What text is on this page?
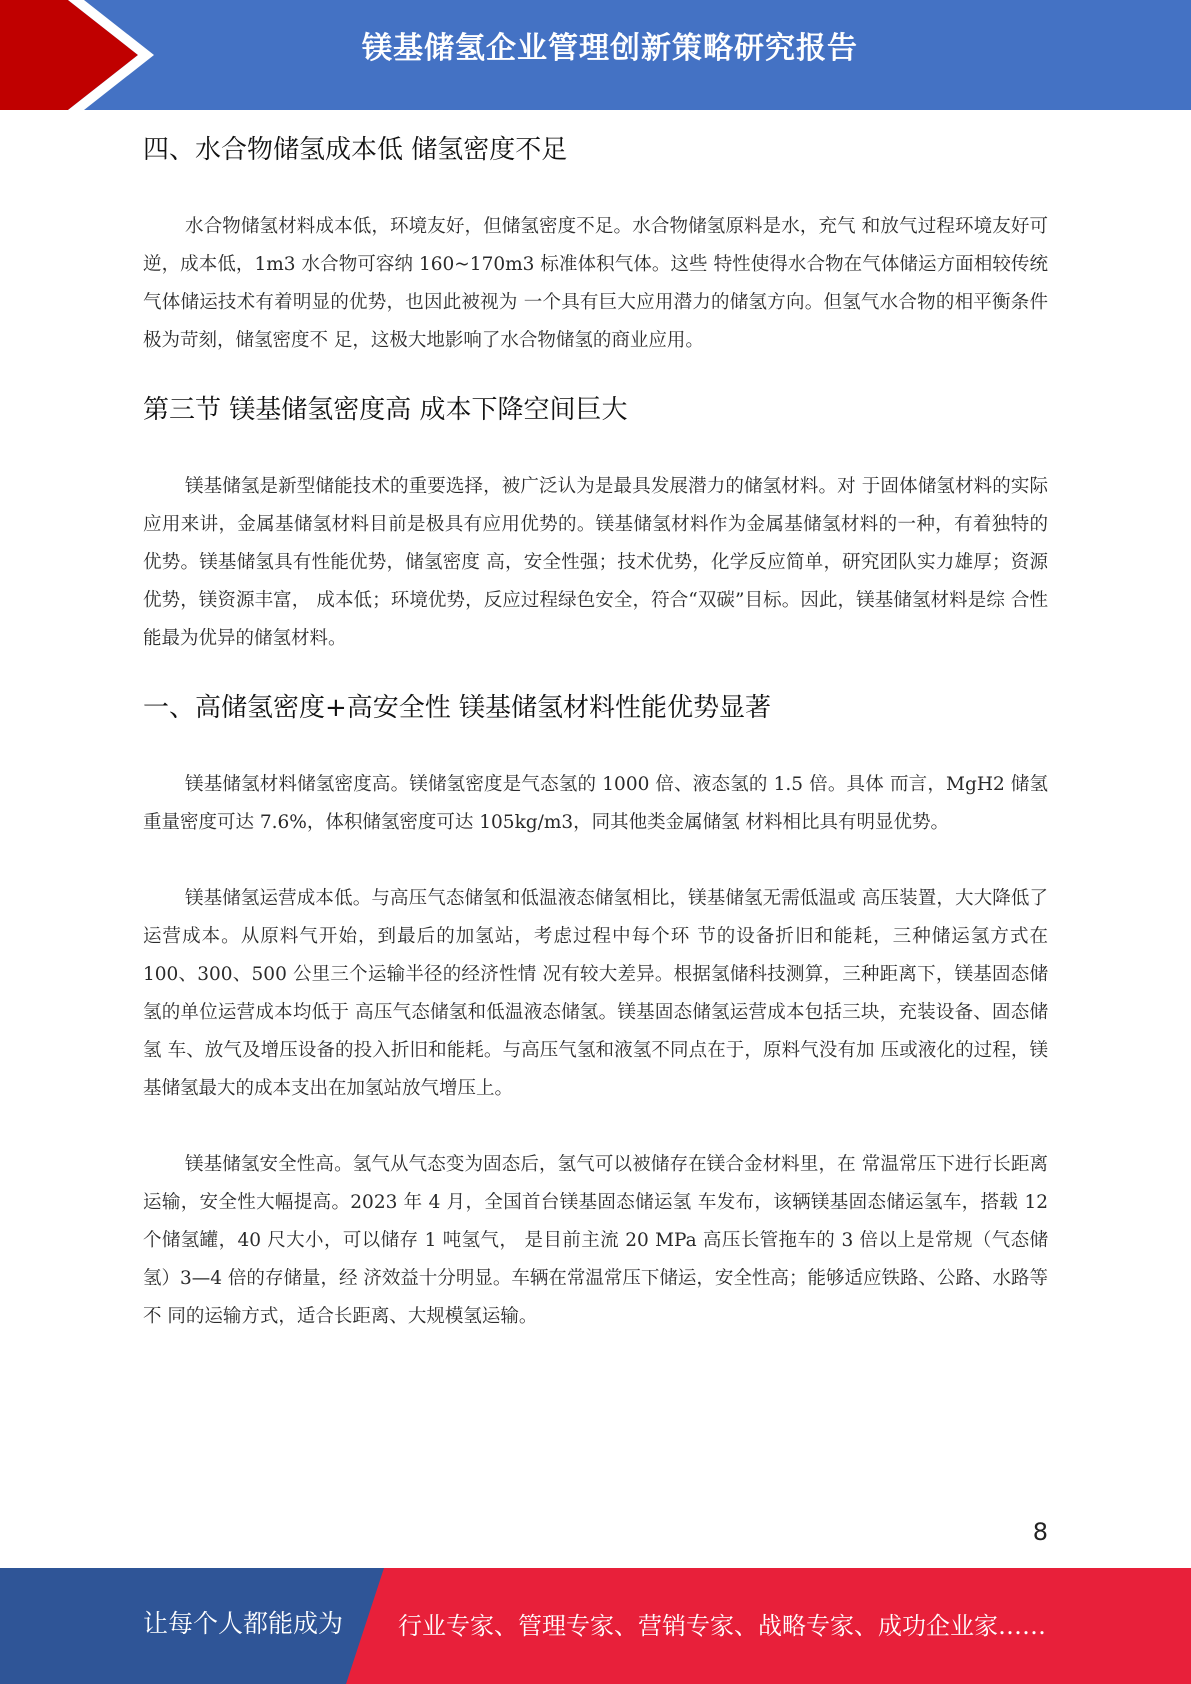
镁基储氢企业管理创新策略研究报告
四、水合物储氢成本低 储氢密度不足

水合物储氢材料成本低，环境友好，但储氢密度不足。水合物储氢原料是水，充气 和放气过程环境友好可逆，成本低，1m3 水合物可容纳 160~170m3 标准体积气体。这些 特性使得水合物在气体储运方面相较传统气体储运技术有着明显的优势，也因此被视为 一个具有巨大应用潜力的储氢方向。但氢气水合物的相平衡条件极为苛刻，储氢密度不 足，这极大地影响了水合物储氢的商业应用。

第三节 镁基储氢密度高 成本下降空间巨大

镁基储氢是新型储能技术的重要选择，被广泛认为是最具发展潜力的储氢材料。对 于固体储氢材料的实际应用来讲，金属基储氢材料目前是极具有应用优势的。镁基储氢材料作为金属基储氢材料的一种，有着独特的优势。镁基储氢具有性能优势，储氢密度 高，安全性强；技术优势，化学反应简单，研究团队实力雄厚；资源优势，镁资源丰富， 成本低；环境优势，反应过程绿色安全，符合“双碳”目标。因此，镁基储氢材料是综 合性能最为优异的储氢材料。

一、高储氢密度+高安全性 镁基储氢材料性能优势显著

镁基储氢材料储氢密度高。镁储氢密度是气态氢的 1000 倍、液态氢的 1.5 倍。具体 而言，MgH2 储氢重量密度可达 7.6%，体积储氢密度可达 105kg/m3，同其他类金属储氢 材料相比具有明显优势。

镁基储氢运营成本低。与高压气态储氢和低温液态储氢相比，镁基储氢无需低温或 高压装置，大大降低了运营成本。从原料气开始，到最后的加氢站，考虑过程中每个环 节的设备折旧和能耗，三种储运氢方式在 100、300、500 公里三个运输半径的经济性情 况有较大差异。根据氢储科技测算，三种距离下，镁基固态储氢的单位运营成本均低于 高压气态储氢和低温液态储氢。镁基固态储氢运营成本包括三块，充装设备、固态储氢 车、放气及增压设备的投入折旧和能耗。与高压气氢和液氢不同点在于，原料气没有加 压或液化的过程，镁基储氢最大的成本支出在加氢站放气增压上。

镁基储氢安全性高。氢气从气态变为固态后，氢气可以被储存在镁合金材料里，在 常温常压下进行长距离运输，安全性大幅提高。2023 年 4 月，全国首台镁基固态储运氢 车发布，该辆镁基固态储运氢车，搭载 12 个储氢罐，40 尺大小，可以储存 1 吨氢气， 是目前主流 20 MPa 高压长管拖车的 3 倍以上是常规（气态储氢）3—4 倍的存储量，经 济效益十分明显。车辆在常温常压下储运，安全性高；能够适应铁路、公路、水路等不 同的运输方式，适合长距离、大规模氢运输。

8
让每个人都能成为 行业专家、管理专家、营销专家、战略专家、成功企业家……
